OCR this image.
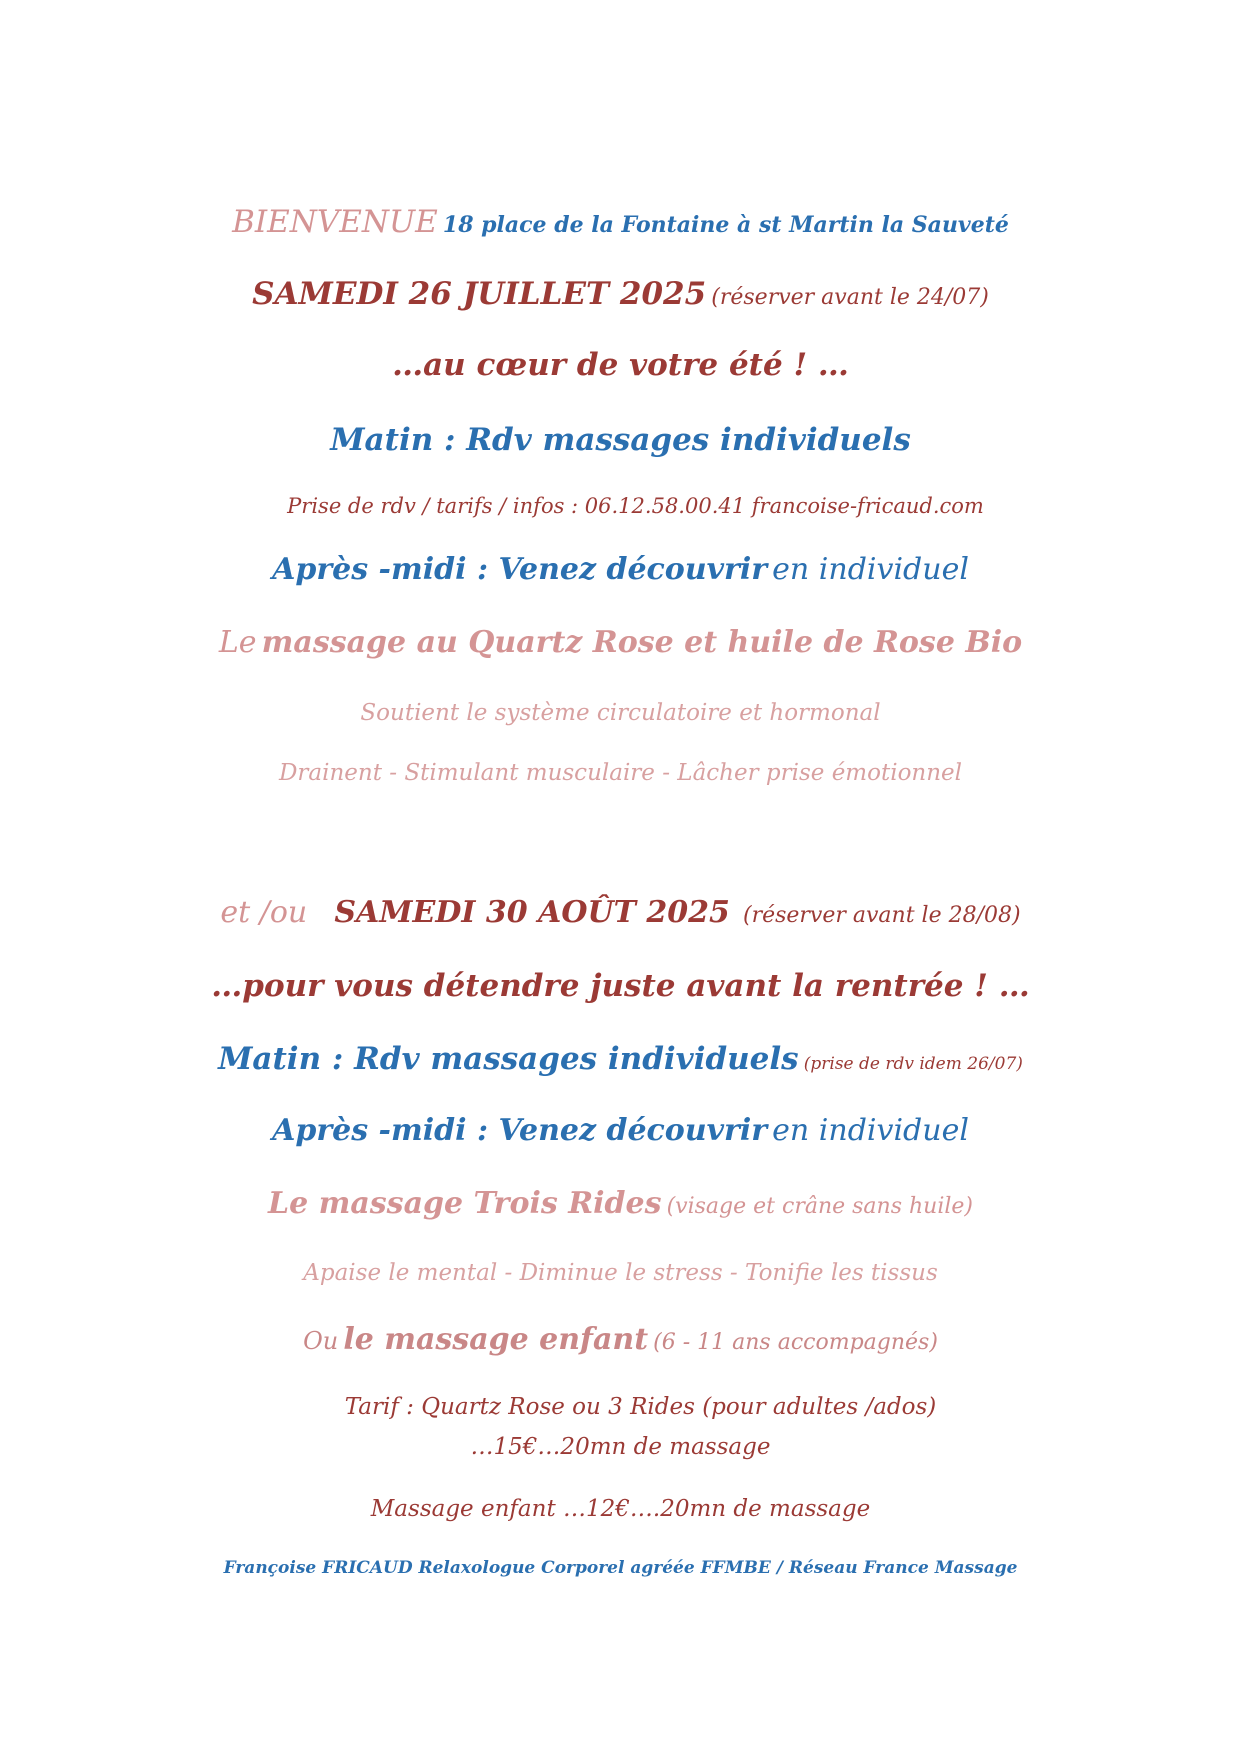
BIENVENUE 18 place de la Fontaine à st Martin la Sauveté
SAMEDI 26 JUILLET 2025 (réserver avant le 24/07)
…au cœur de votre été ! …
Matin : Rdv massages individuels
Prise de rdv / tarifs / infos : 06.12.58.00.41 francoise-fricaud.com
Après -midi : Venez découvrir en individuel
Le massage au Quartz Rose et huile de Rose Bio
Soutient le système circulatoire et hormonal
Drainent - Stimulant musculaire - Lâcher prise émotionnel
et /ou SAMEDI 30 AOÛT 2025 (réserver avant le 28/08)
…pour vous détendre juste avant la rentrée ! …
Matin : Rdv massages individuels (prise de rdv idem 26/07)
Après -midi : Venez découvrir en individuel
Le massage Trois Rides (visage et crâne sans huile)
Apaise le mental - Diminue le stress - Tonifie les tissus
Ou le massage enfant (6 - 11 ans accompagnés)
Tarif : Quartz Rose ou 3 Rides (pour adultes /ados)
…15€…20mn de massage
Massage enfant …12€….20mn de massage
Françoise FRICAUD Relaxologue Corporel agréée FFMBE / Réseau France Massage
